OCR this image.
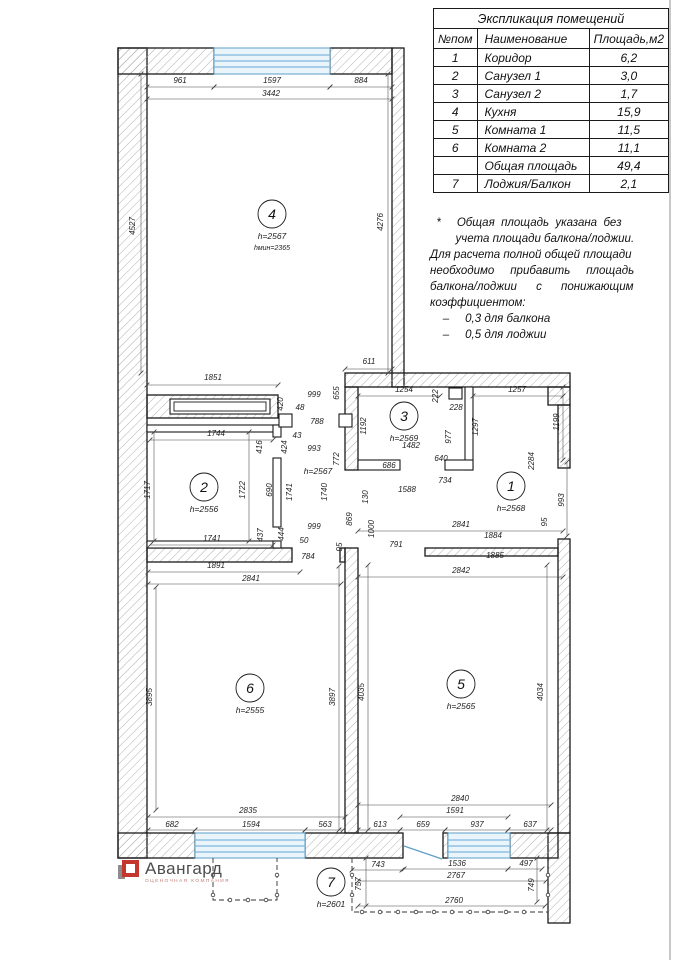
961	1597	884
3442
4527	4276
1851
611
655
420
999
48
788
43
993
424
416
772
1741	1740
999
50
444
437
784
95
1744
1717	1722 690
1741
1254
1192
222
228
977
1482
640
686
734
1588
130
1000
869
1257
1297	1199
2284
993
95
2841
1884
1885
2842
791
1891
2841
3895	3897	4035	4034
2835
682	1594	563
2840
1591
613	659	937	637
743
757
1536	497
2767
749
2760
h=2567
4
h=2567
hмин=2365
2
h=2556
3
h=2569
1
h=2568
6
h=2555
5
h=2565
7
h=2601
Экспликация помещений		
№пом	Наименование	Площадь,м2
1	Коридор	6,2
2	Санузел 1	3,0
3	Санузел 2	1,7
4	Кухня	15,9
5	Комната 1	11,5
6	Комната 2	11,1
	Общая площадь	49,4
7	Лоджия/Балкон	2,1
*     Общая  площадь  указана  без
учета площади балкона/лоджии.
Для расчета полной общей площади
необходимо     прибавить     площадь
балкона/лоджии      с      понижающим
коэффициентом:
–     0,3 для балкона
–     0,5 для лоджии
Авангард
ОЦЕНОЧНАЯ КОМПАНИЯ
